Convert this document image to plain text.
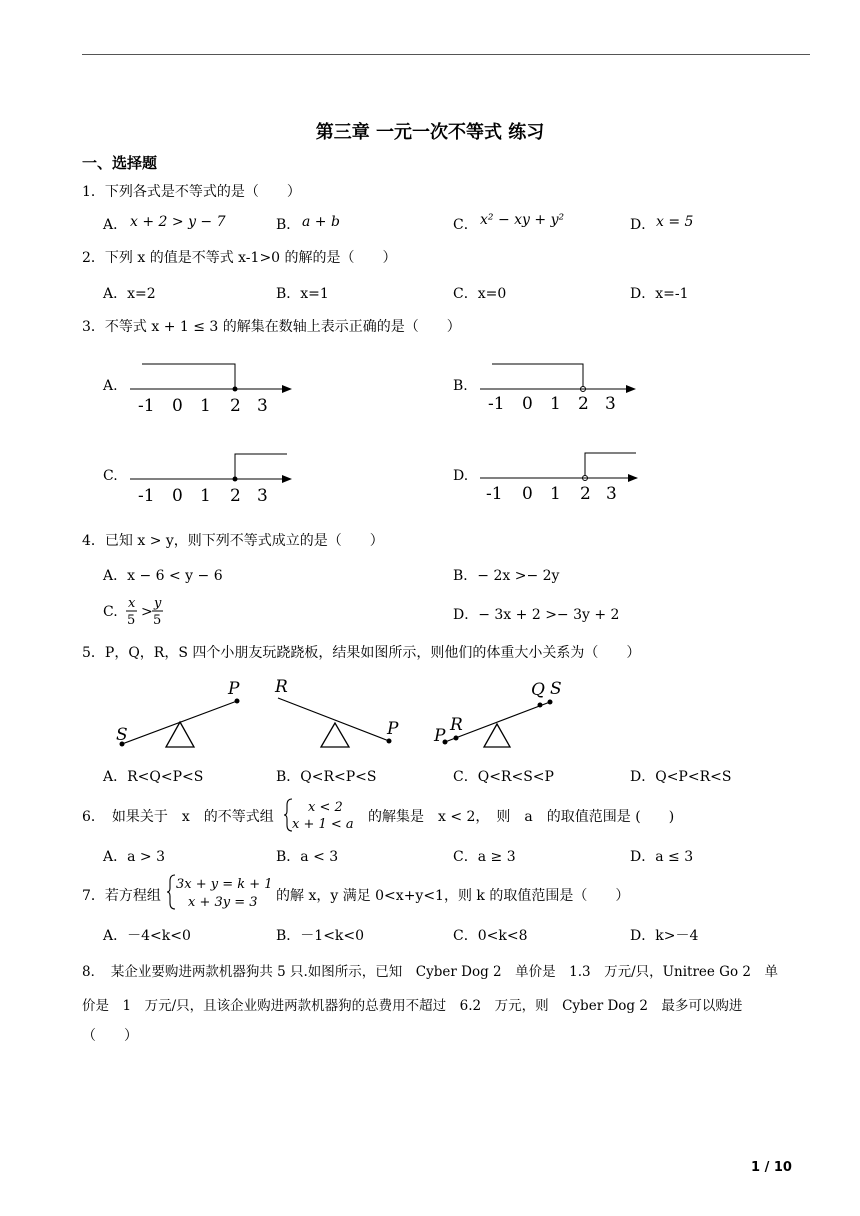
第三章 一元一次不等式 练习
一、选择题
1．下列各式是不等式的是（　　）
A． x + 2 > y − 7	B． a + b	C． x² − xy + y²	D． x = 5
2．下列 x 的值是不等式 x-1>0 的解的是（　　）
A．x=2	B．x=1	C．x=0	D．x=-1
3．不等式 x + 1 ≤ 3 的解集在数轴上表示正确的是（　　）
A.
-1 0 1 2 3
B.
-1 0 1 2 3
C.
-1 0 1 2 3
D.
-1 0 1 2 3
4．已知 x > y，则下列不等式成立的是（　　）
A．x − 6 < y − 6	B．− 2x >− 2y
C.
x
5
>
y
5	D．− 3x + 2 >− 3y + 2
5．P，Q，R，S 四个小朋友玩跷跷板，结果如图所示，则他们的体重大小关系为（　　）
S
P R
P P
R
Q S
A．R<Q<P<S	B．Q<R<P<S	C．Q<R<S<P	D．Q<P<R<S
6．　如果关于　x　的不等式组
x < 2
x + 1 < a 的解集是　x < 2，　则　a　的取值范围是 (　　)
A．a > 3	B．a < 3	C．a ≥ 3	D．a ≤ 3
7．若方程组
3x + y = k + 1
x + 3y = 3 的解 x，y 满足 0<x+y<1，则 k 的取值范围是（　　）
A．－4<k<0	B．－1<k<0	C．0<k<8	D．k>－4
8．　某企业要购进两款机器狗共 5 只.如图所示，已知　Cyber Dog 2　单价是　1.3　万元/只，Unitree Go 2　单
价是　1　万元/只，且该企业购进两款机器狗的总费用不超过　6.2　万元，则　Cyber Dog 2　最多可以购进
（　　）
1 / 10
